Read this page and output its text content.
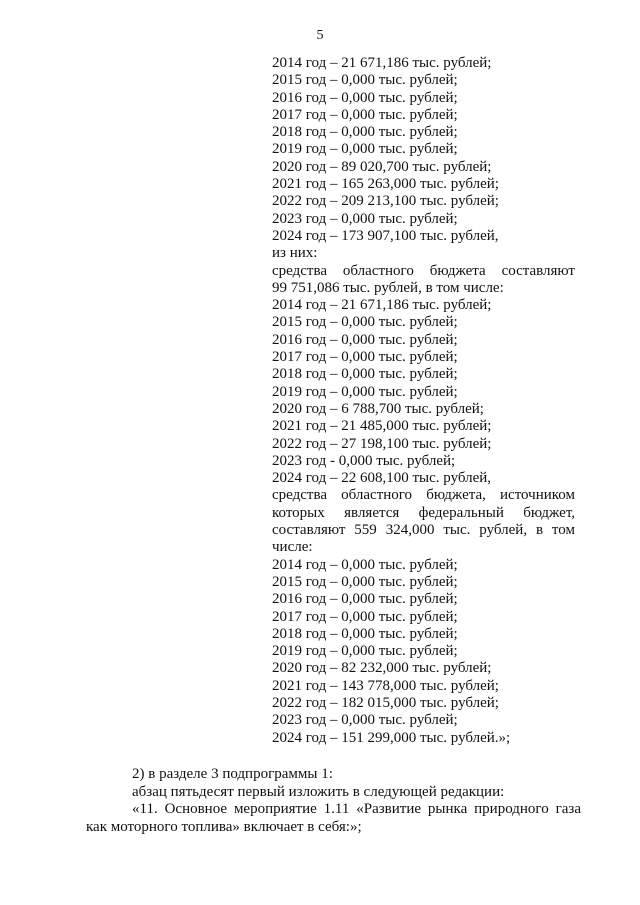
5
2014 год – 21 671,186 тыс. рублей;
2015 год – 0,000 тыс. рублей;
2016 год – 0,000 тыс. рублей;
2017 год – 0,000 тыс. рублей;
2018 год – 0,000 тыс. рублей;
2019 год – 0,000 тыс. рублей;
2020 год – 89 020,700 тыс. рублей;
2021 год – 165 263,000 тыс. рублей;
2022 год – 209 213,100 тыс. рублей;
2023 год – 0,000 тыс. рублей;
2024 год – 173 907,100 тыс. рублей,
из них:
средства областного бюджета составляют
99 751,086 тыс. рублей, в том числе:
2014 год – 21 671,186 тыс. рублей;
2015 год – 0,000 тыс. рублей;
2016 год – 0,000 тыс. рублей;
2017 год – 0,000 тыс. рублей;
2018 год – 0,000 тыс. рублей;
2019 год – 0,000 тыс. рублей;
2020 год – 6 788,700 тыс. рублей;
2021 год – 21 485,000 тыс. рублей;
2022 год – 27 198,100 тыс. рублей;
2023 год - 0,000 тыс. рублей;
2024 год – 22 608,100 тыс. рублей,
средства областного бюджета, источником
которых является федеральный бюджет,
составляют 559 324,000 тыс. рублей, в том
числе:
2014 год – 0,000 тыс. рублей;
2015 год – 0,000 тыс. рублей;
2016 год – 0,000 тыс. рублей;
2017 год – 0,000 тыс. рублей;
2018 год – 0,000 тыс. рублей;
2019 год – 0,000 тыс. рублей;
2020 год – 82 232,000 тыс. рублей;
2021 год – 143 778,000 тыс. рублей;
2022 год – 182 015,000 тыс. рублей;
2023 год – 0,000 тыс. рублей;
2024 год – 151 299,000 тыс. рублей.»;
2) в разделе 3 подпрограммы 1:
абзац пятьдесят первый изложить в следующей редакции:
«11. Основное мероприятие 1.11 «Развитие рынка природного газа
как моторного топлива» включает в себя:»;
